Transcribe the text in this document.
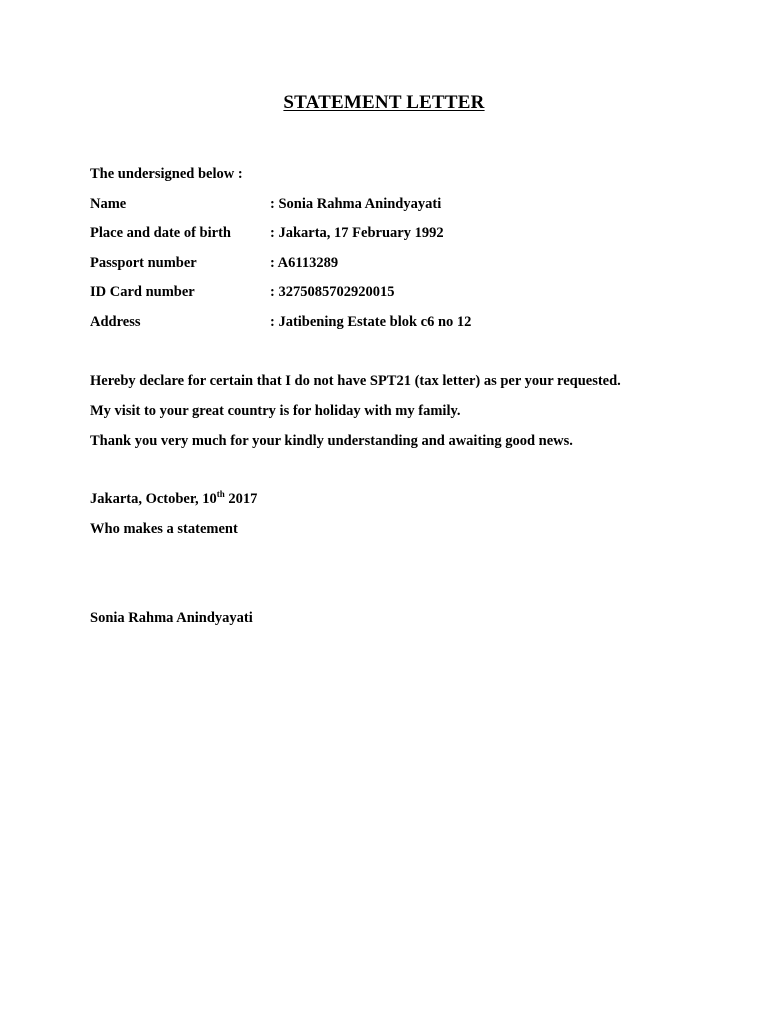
STATEMENT LETTER
The undersigned below :
Name	: Sonia Rahma Anindyayati
Place and date of birth	: Jakarta, 17 February 1992
Passport number	: A6113289
ID Card number	: 3275085702920015
Address	: Jatibening Estate blok c6 no 12
Hereby declare for certain that I do not have SPT21 (tax letter) as per your requested.
My visit to your great country is for holiday with my family.
Thank you very much for your kindly understanding and awaiting good news.
Jakarta, October, 10th 2017
Who makes a statement
Sonia Rahma Anindyayati
